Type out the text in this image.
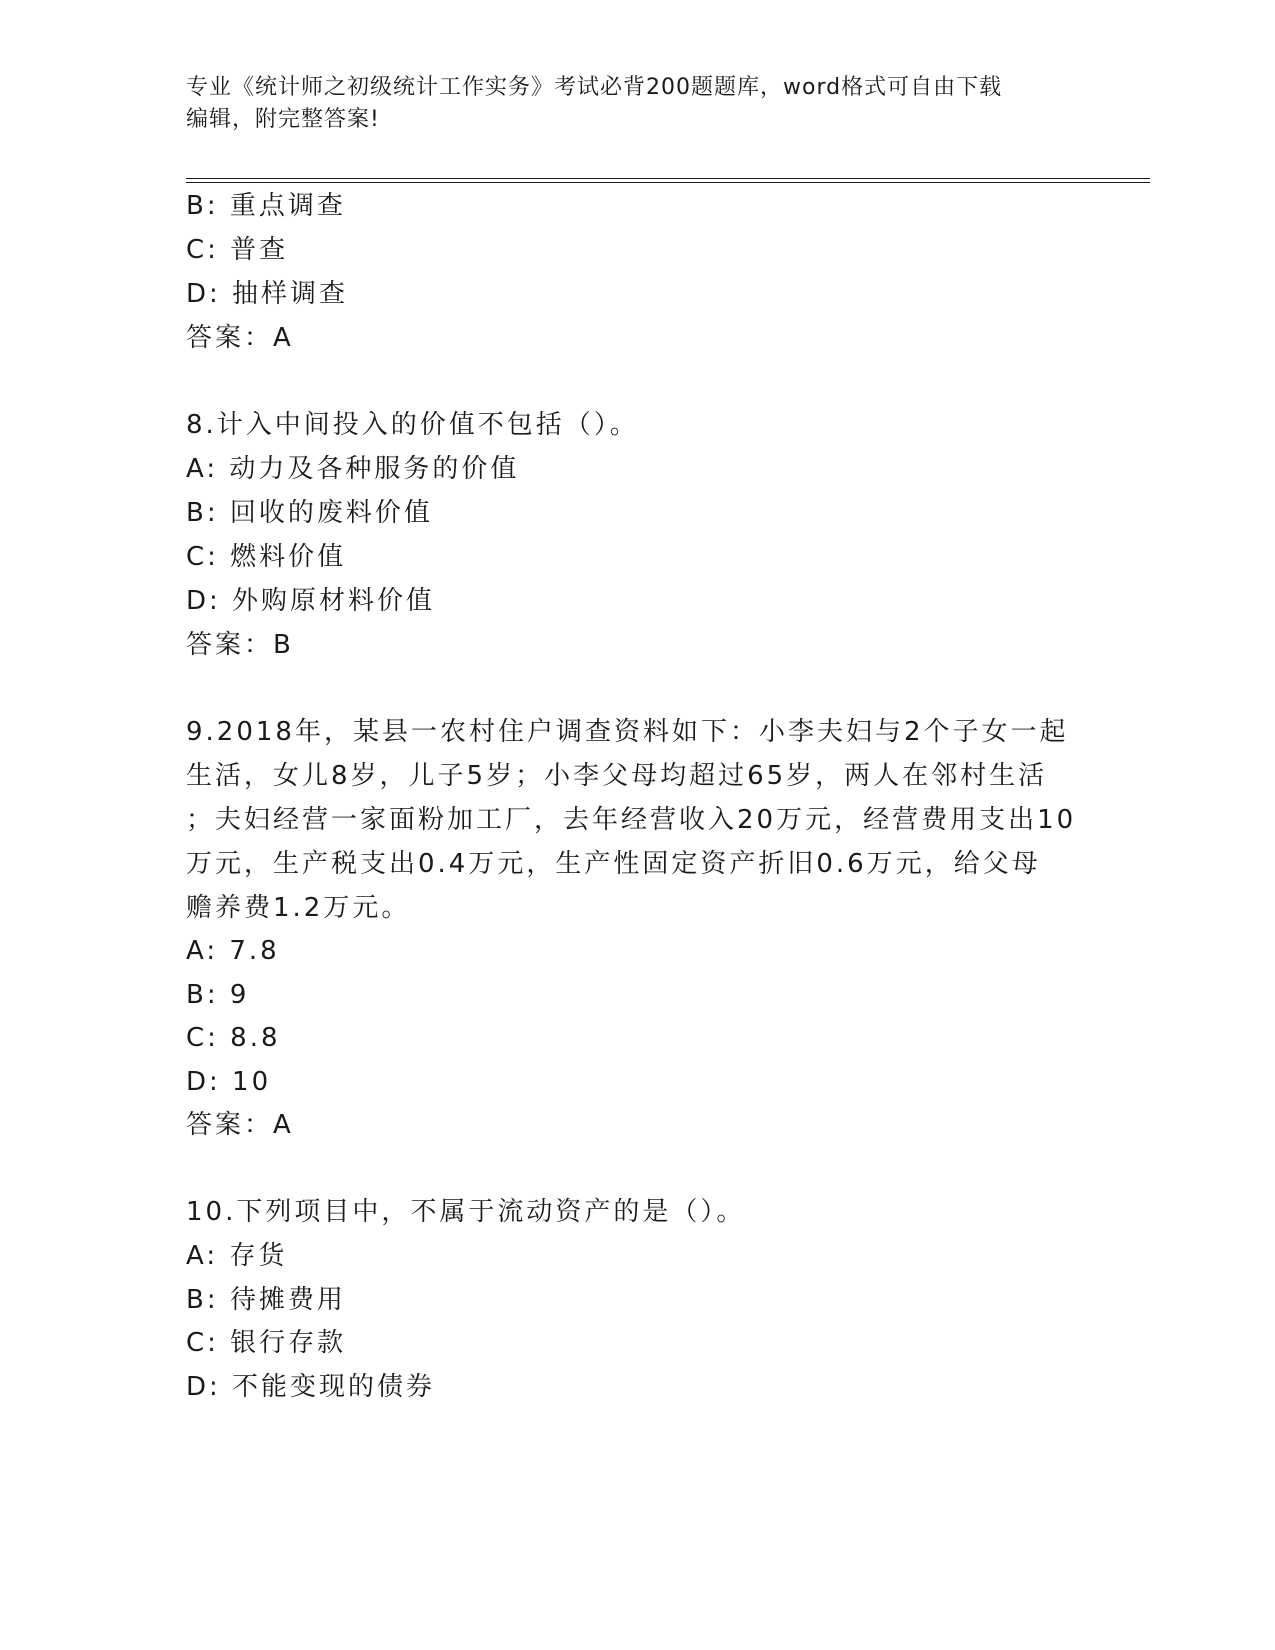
专业《统计师之初级统计工作实务》考试必背200题题库，word格式可自由下载
编辑，附完整答案!
B: 重点调查
C: 普查
D: 抽样调查
答案：A
8.计入中间投入的价值不包括（）。
A: 动力及各种服务的价值
B: 回收的废料价值
C: 燃料价值
D: 外购原材料价值
答案：B
9.2018年，某县一农村住户调查资料如下：小李夫妇与2个子女一起
生活，女儿8岁，儿子5岁；小李父母均超过65岁，两人在邻村生活
；夫妇经营一家面粉加工厂，去年经营收入20万元，经营费用支出10
万元，生产税支出0.4万元，生产性固定资产折旧0.6万元，给父母
赡养费1.2万元。
A: 7.8
B: 9
C: 8.8
D: 10
答案：A
10.下列项目中，不属于流动资产的是（）。
A: 存货
B: 待摊费用
C: 银行存款
D: 不能变现的债券
